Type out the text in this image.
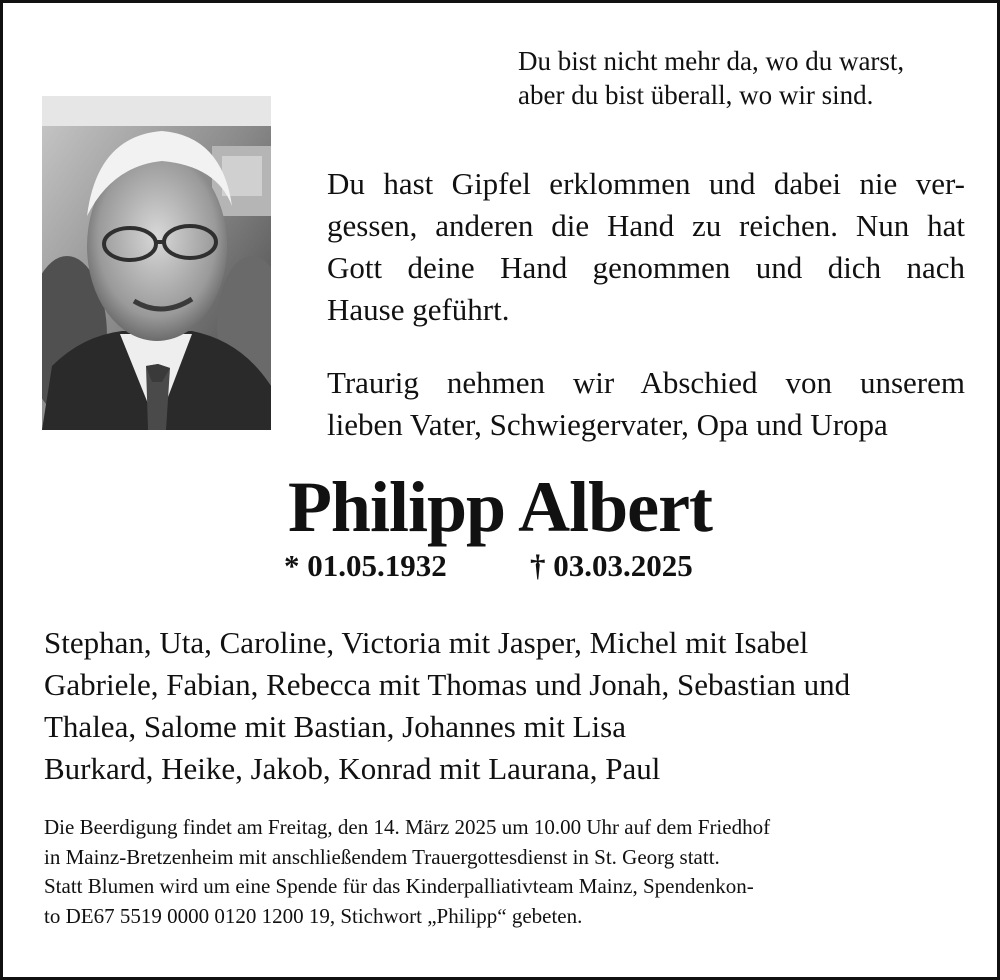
Du bist nicht mehr da, wo du warst,
aber du bist überall, wo wir sind.
Du hast Gipfel erklommen und dabei nie ver-
gessen, anderen die Hand zu reichen. Nun hat
Gott deine Hand genommen und dich nach
Hause geführt.
Traurig nehmen wir Abschied von unserem
lieben Vater, Schwiegervater, Opa und Uropa
Philipp Albert
* 01.05.1932	† 03.03.2025
Stephan, Uta, Caroline, Victoria mit Jasper, Michel mit Isabel
Gabriele, Fabian, Rebecca mit Thomas und Jonah, Sebastian und
Thalea, Salome mit Bastian, Johannes mit Lisa
Burkard, Heike, Jakob, Konrad mit Laurana, Paul
Die Beerdigung findet am Freitag, den 14. März 2025 um 10.00 Uhr auf dem Friedhof
in Mainz-Bretzenheim mit anschließendem Trauergottesdienst in St. Georg statt.
Statt Blumen wird um eine Spende für das Kinderpalliativteam Mainz, Spendenkon-
to DE67 5519 0000 0120 1200 19, Stichwort „Philipp“ gebeten.
